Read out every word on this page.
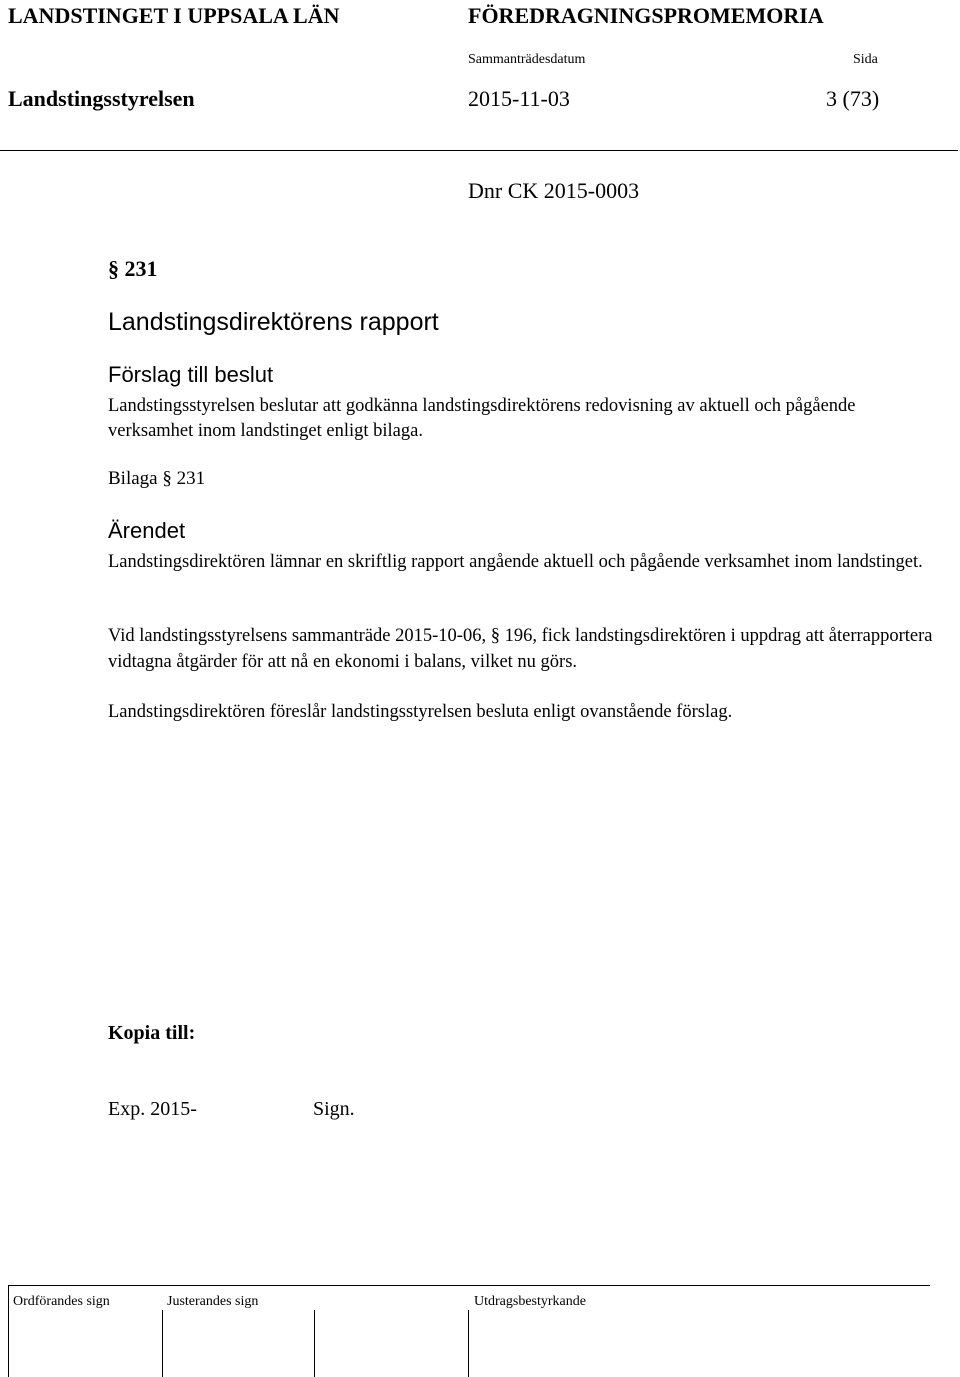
LANDSTINGET I UPPSALA LÄN	FÖREDRAGNINGSPROMEMORIA
Sammanträdesdatum	Sida
Landstingsstyrelsen	2015-11-03	3 (73)
Dnr CK 2015-0003
§ 231
Landstingsdirektörens rapport
Förslag till beslut
Landstingsstyrelsen beslutar att godkänna landstingsdirektörens redovisning av aktuell och pågående verksamhet inom landstinget enligt bilaga.
Bilaga § 231
Ärendet
Landstingsdirektören lämnar en skriftlig rapport angående aktuell och pågående verksamhet inom landstinget.
Vid landstingsstyrelsens sammanträde 2015-10-06, § 196, fick landstingsdirektören i uppdrag att återrapportera vidtagna åtgärder för att nå en ekonomi i balans, vilket nu görs.
Landstingsdirektören föreslår landstingsstyrelsen besluta enligt ovanstående förslag.
Kopia till:
Exp. 2015-	Sign.
Ordförandes sign	Justerandes sign	Utdragsbestyrkande
